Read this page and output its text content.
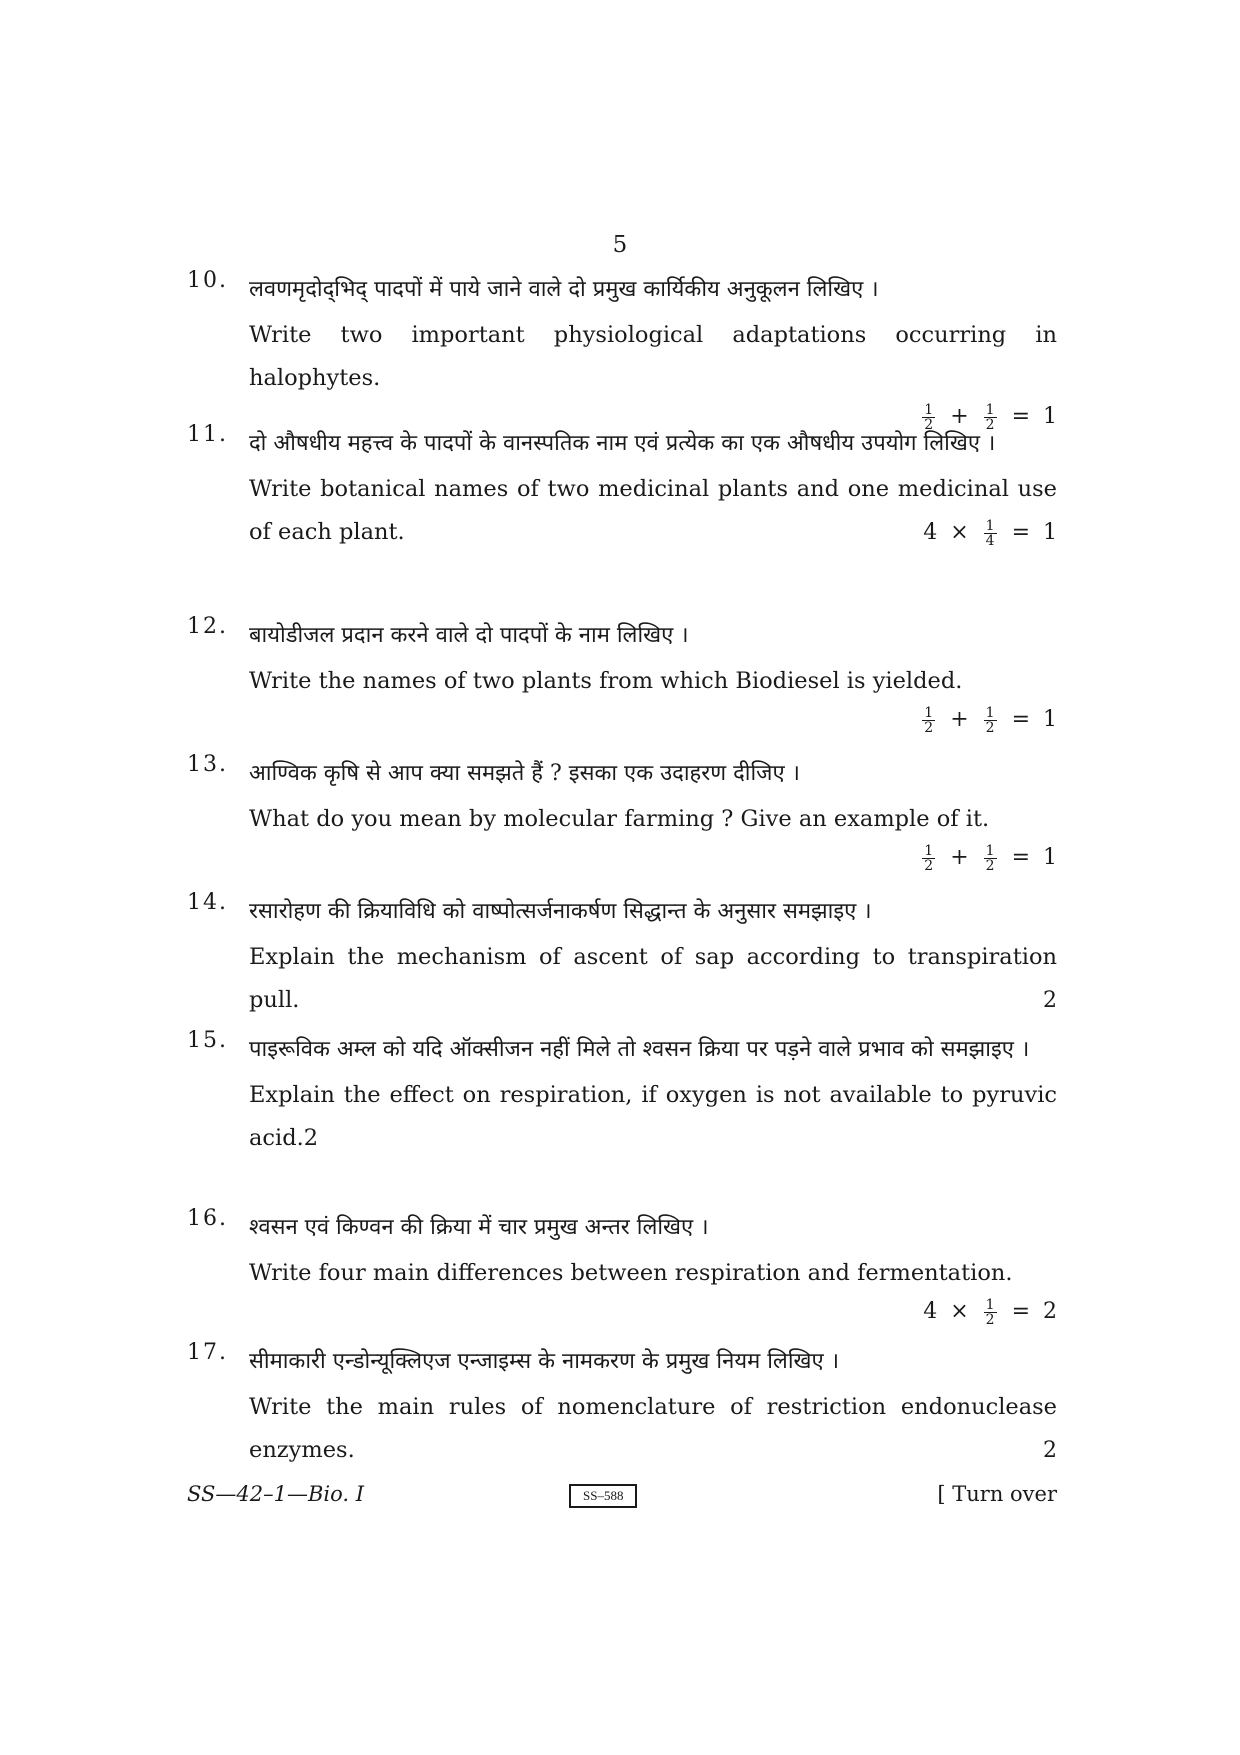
5
10. लवणमृदोद्‌भिद् पादपों में पाये जाने वाले दो प्रमुख कार्यिकीय अनुकूलन लिखिए ।
Write two important physiological adaptations occurring in halophytes.
$\frac{1}{2} + \frac{1}{2} = 1$
11. दो औषधीय महत्त्व के पादपों के वानस्पतिक नाम एवं प्रत्येक का एक औषधीय उपयोग लिखिए ।
Write botanical names of two medicinal plants and one medicinal use of each plant.	$4 \times \frac{1}{4} = 1$
12. बायोडीजल प्रदान करने वाले दो पादपों के नाम लिखिए ।
Write the names of two plants from which Biodiesel is yielded.
$\frac{1}{2} + \frac{1}{2} = 1$
13. आण्विक कृषि से आप क्या समझते हैं ? इसका एक उदाहरण दीजिए ।
What do you mean by molecular farming ? Give an example of it.
$\frac{1}{2} + \frac{1}{2} = 1$
14. रसारोहण की क्रियाविधि को वाष्पोत्सर्जनाकर्षण सिद्धान्त के अनुसार समझाइए ।
Explain the mechanism of ascent of sap according to transpiration pull.	2
15. पाइरूविक अम्ल को यदि ऑक्सीजन नहीं मिले तो श्वसन क्रिया पर पड़ने वाले प्रभाव को समझाइए ।
Explain the effect on respiration, if oxygen is not available to pyruvic acid.2
16. श्वसन एवं किण्वन की क्रिया में चार प्रमुख अन्तर लिखिए ।
Write four main differences between respiration and fermentation.
$4 \times \frac{1}{2} = 2$
17. सीमाकारी एन्डोन्यूक्लिएज एन्जाइम्स के नामकरण के प्रमुख नियम लिखिए ।
Write the main rules of nomenclature of restriction endonuclease enzymes.	2
SS—42–1—Bio. I	SS–588	[ Turn over
